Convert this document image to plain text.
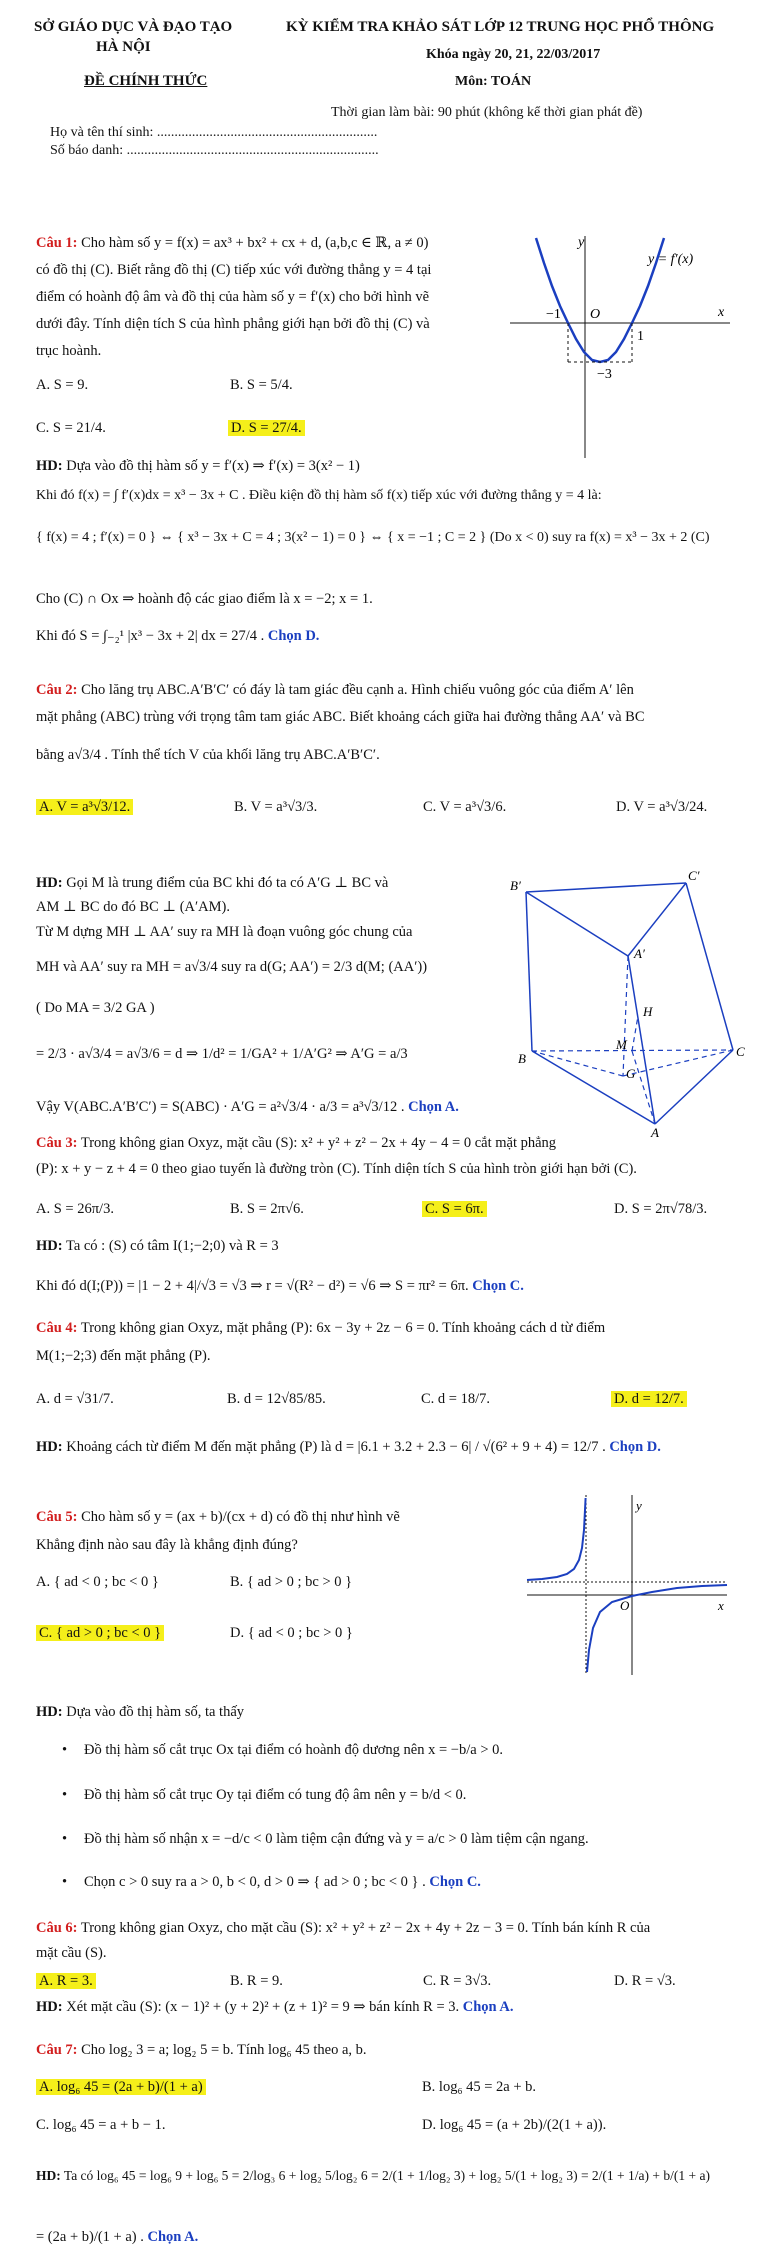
SỞ GIÁO DỤC VÀ ĐẠO TẠO
HÀ NỘI
ĐỀ CHÍNH THỨC
KỲ KIỂM TRA KHẢO SÁT LỚP 12 TRUNG HỌC PHỔ THÔNG
Khóa ngày 20, 21, 22/03/2017
Môn: TOÁN
Thời gian làm bài: 90 phút (không kể thời gian phát đề)
Họ và tên thí sinh: ...............................................................
Số báo danh: ........................................................................
Câu 1: Cho hàm số y = f(x) = ax³ + bx² + cx + d, (a,b,c ∈ ℝ, a ≠ 0)
có đồ thị (C). Biết rằng đồ thị (C) tiếp xúc với đường thẳng y = 4 tại
điểm có hoành độ âm và đồ thị của hàm số y = f′(x) cho bởi hình vẽ
dưới đây. Tính diện tích S của hình phẳng giới hạn bởi đồ thị (C) và
trục hoành.
A. S = 9.	B. S = 5/4.
C. S = 21/4.	D. S = 27/4.
y
x
y = f′(x)
O
−1
1
−3
HD: Dựa vào đồ thị hàm số y = f′(x) ⇒ f′(x) = 3(x² − 1)
Khi đó f(x) = ∫ f′(x)dx = x³ − 3x + C . Điều kiện đồ thị hàm số f(x) tiếp xúc với đường thẳng y = 4 là:
{ f(x) = 4 ; f′(x) = 0 } ⇔ { x³ − 3x + C = 4 ; 3(x² − 1) = 0 } ⇔ { x = −1 ; C = 2 } (Do x < 0) suy ra f(x) = x³ − 3x + 2 (C)
Cho (C) ∩ Ox ⇒ hoành độ các giao điểm là x = −2; x = 1.
Khi đó S = ∫₋₂¹ |x³ − 3x + 2| dx = 27/4 . Chọn D.
Câu 2: Cho lăng trụ ABC.A′B′C′ có đáy là tam giác đều cạnh a. Hình chiếu vuông góc của điểm A′ lên
mặt phẳng (ABC) trùng với trọng tâm tam giác ABC. Biết khoảng cách giữa hai đường thẳng AA′ và BC
bằng a√3/4 . Tính thể tích V của khối lăng trụ ABC.A′B′C′.
A. V = a³√3/12.	B. V = a³√3/3.	C. V = a³√3/6.	D. V = a³√3/24.
HD: Gọi M là trung điểm của BC khi đó ta có A′G ⊥ BC và
AM ⊥ BC do đó BC ⊥ (A′AM).
Từ M dựng MH ⊥ AA′ suy ra MH là đoạn vuông góc chung của
MH và AA′ suy ra MH = a√3/4 suy ra d(G; AA′) = 2/3 d(M; (AA′))
( Do MA = 3/2 GA )
= 2/3 · a√3/4 = a√3/6 = d ⇒ 1/d² = 1/GA² + 1/A′G² ⇒ A′G = a/3
Vậy V(ABC.A′B′C′) = S(ABC) · A′G = a²√3/4 · a/3 = a³√3/12 . Chọn A.
B′
C′
A′
H
M
G
B	C
A
Câu 3: Trong không gian Oxyz, mặt cầu (S): x² + y² + z² − 2x + 4y − 4 = 0 cắt mặt phẳng
(P): x + y − z + 4 = 0 theo giao tuyến là đường tròn (C). Tính diện tích S của hình tròn giới hạn bởi (C).
A. S = 26π/3.	B. S = 2π√6.	C. S = 6π.	D. S = 2π√78/3.
HD: Ta có : (S) có tâm I(1;−2;0) và R = 3
Khi đó d(I;(P)) = |1 − 2 + 4|/√3 = √3 ⇒ r = √(R² − d²) = √6 ⇒ S = πr² = 6π. Chọn C.
Câu 4: Trong không gian Oxyz, mặt phẳng (P): 6x − 3y + 2z − 6 = 0. Tính khoảng cách d từ điểm
M(1;−2;3) đến mặt phẳng (P).
A. d = √31/7.	B. d = 12√85/85.	C. d = 18/7.	D. d = 12/7.
HD: Khoảng cách từ điểm M đến mặt phẳng (P) là d = |6.1 + 3.2 + 2.3 − 6| / √(6² + 9 + 4) = 12/7 . Chọn D.
Câu 5: Cho hàm số y = (ax + b)/(cx + d) có đồ thị như hình vẽ
Khẳng định nào sau đây là khẳng định đúng?
A. { ad < 0 ; bc < 0 }	B. { ad > 0 ; bc > 0 }
C. { ad > 0 ; bc < 0 }	D. { ad < 0 ; bc > 0 }
y
x
O
HD: Dựa vào đồ thị hàm số, ta thấy
• Đồ thị hàm số cắt trục Ox tại điểm có hoành độ dương nên x = −b/a > 0.
• Đồ thị hàm số cắt trục Oy tại điểm có tung độ âm nên y = b/d < 0.
• Đồ thị hàm số nhận x = −d/c < 0 làm tiệm cận đứng và y = a/c > 0 làm tiệm cận ngang.
• Chọn c > 0 suy ra a > 0, b < 0, d > 0 ⇒ { ad > 0 ; bc < 0 } . Chọn C.
Câu 6: Trong không gian Oxyz, cho mặt cầu (S): x² + y² + z² − 2x + 4y + 2z − 3 = 0. Tính bán kính R của
mặt cầu (S).
A. R = 3.	B. R = 9.	C. R = 3√3.	D. R = √3.
HD: Xét mặt cầu (S): (x − 1)² + (y + 2)² + (z + 1)² = 9 ⇒ bán kính R = 3. Chọn A.
Câu 7: Cho log₂ 3 = a; log₂ 5 = b. Tính log₆ 45 theo a, b.
A. log₆ 45 = (2a + b)/(1 + a)	B. log₆ 45 = 2a + b.
C. log₆ 45 = a + b − 1.	D. log₆ 45 = (a + 2b)/(2(1 + a)).
HD: Ta có log₆ 45 = log₆ 9 + log₆ 5 = 2/log₃ 6 + log₂ 5/log₂ 6 = 2/(1 + 1/log₂ 3) + log₂ 5/(1 + log₂ 3) = 2/(1 + 1/a) + b/(1 + a)
= (2a + b)/(1 + a) . Chọn A.
